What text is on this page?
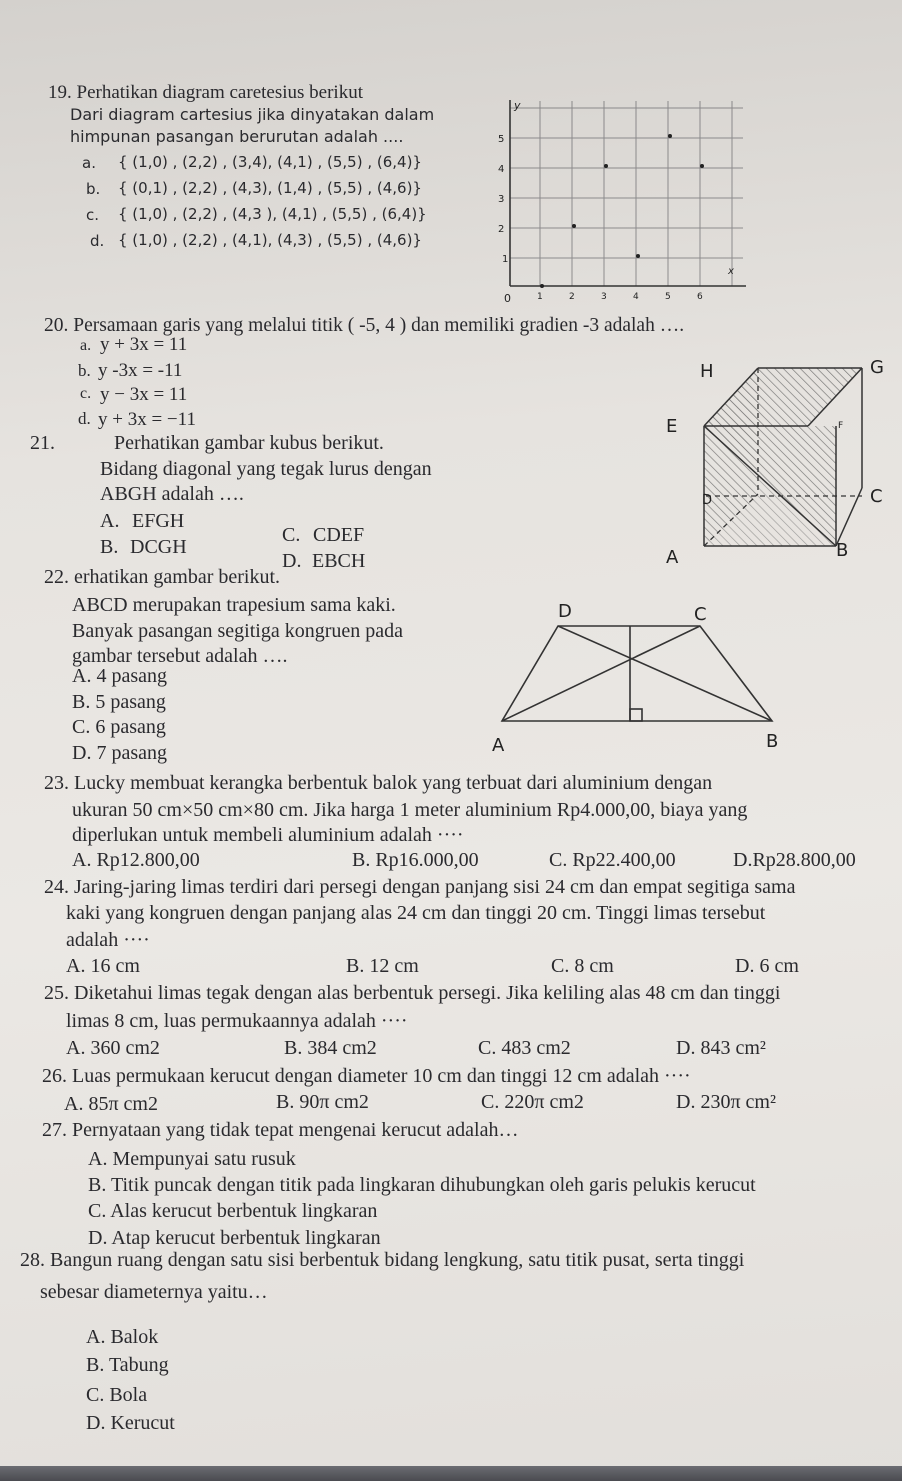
19. Perhatikan diagram caretesius berikut
Dari diagram cartesius jika dinyatakan dalam
himpunan pasangan berurutan adalah ....
a. { (1,0) , (2,2) , (3,4), (4,1) , (5,5) , (6,4)}
b. { (0,1) , (2,2) , (4,3), (1,4) , (5,5) , (4,6)}
c. { (1,0) , (2,2) , (4,3 ), (4,1) , (5,5) , (6,4)}
d. { (1,0) , (2,2) , (4,1), (4,3) , (5,5) , (4,6)}
y
x
5
4
3
2
1
0	1	2	3	4	5	6
20. Persamaan garis yang melalui titik ( -5, 4 ) dan memiliki gradien -3 adalah ….
a. y + 3x = 11
b. y -3x = -11
c. y − 3x = 11
d. y + 3x = −11
21.	Perhatikan gambar kubus berikut.
Bidang diagonal yang tegak lurus dengan
ABGH adalah ….
A. EFGH
B. DCGH
C. CDEF
D. EBCH
H	G
E	F
D	C
A	B
22. erhatikan gambar berikut.
ABCD merupakan trapesium sama kaki.
Banyak pasangan segitiga kongruen pada
gambar tersebut adalah ….
A. 4 pasang
B. 5 pasang
C. 6 pasang
D. 7 pasang
D	C
A	B
23. Lucky membuat kerangka berbentuk balok yang terbuat dari aluminium dengan
ukuran 50 cm×50 cm×80 cm. Jika harga 1 meter aluminium Rp4.000,00, biaya yang
diperlukan untuk membeli aluminium adalah ····
A. Rp12.800,00	B. Rp16.000,00	C. Rp22.400,00	D.Rp28.800,00
24. Jaring-jaring limas terdiri dari persegi dengan panjang sisi 24 cm dan empat segitiga sama
kaki yang kongruen dengan panjang alas 24 cm dan tinggi 20 cm. Tinggi limas tersebut
adalah ····
A. 16 cm	B. 12 cm	C. 8 cm	D. 6 cm
25. Diketahui limas tegak dengan alas berbentuk persegi. Jika keliling alas 48 cm dan tinggi
limas 8 cm, luas permukaannya adalah ····
A. 360 cm2	B. 384 cm2	C. 483 cm2	D. 843 cm²
26. Luas permukaan kerucut dengan diameter 10 cm dan tinggi 12 cm adalah ····
A. 85π cm2	B. 90π cm2	C. 220π cm2	D. 230π cm²
27. Pernyataan yang tidak tepat mengenai kerucut adalah…
A. Mempunyai satu rusuk
B. Titik puncak dengan titik pada lingkaran dihubungkan oleh garis pelukis kerucut
C. Alas kerucut berbentuk lingkaran
D. Atap kerucut berbentuk lingkaran
28. Bangun ruang dengan satu sisi berbentuk bidang lengkung, satu titik pusat, serta tinggi
sebesar diameternya yaitu…
A. Balok
B. Tabung
C. Bola
D. Kerucut
